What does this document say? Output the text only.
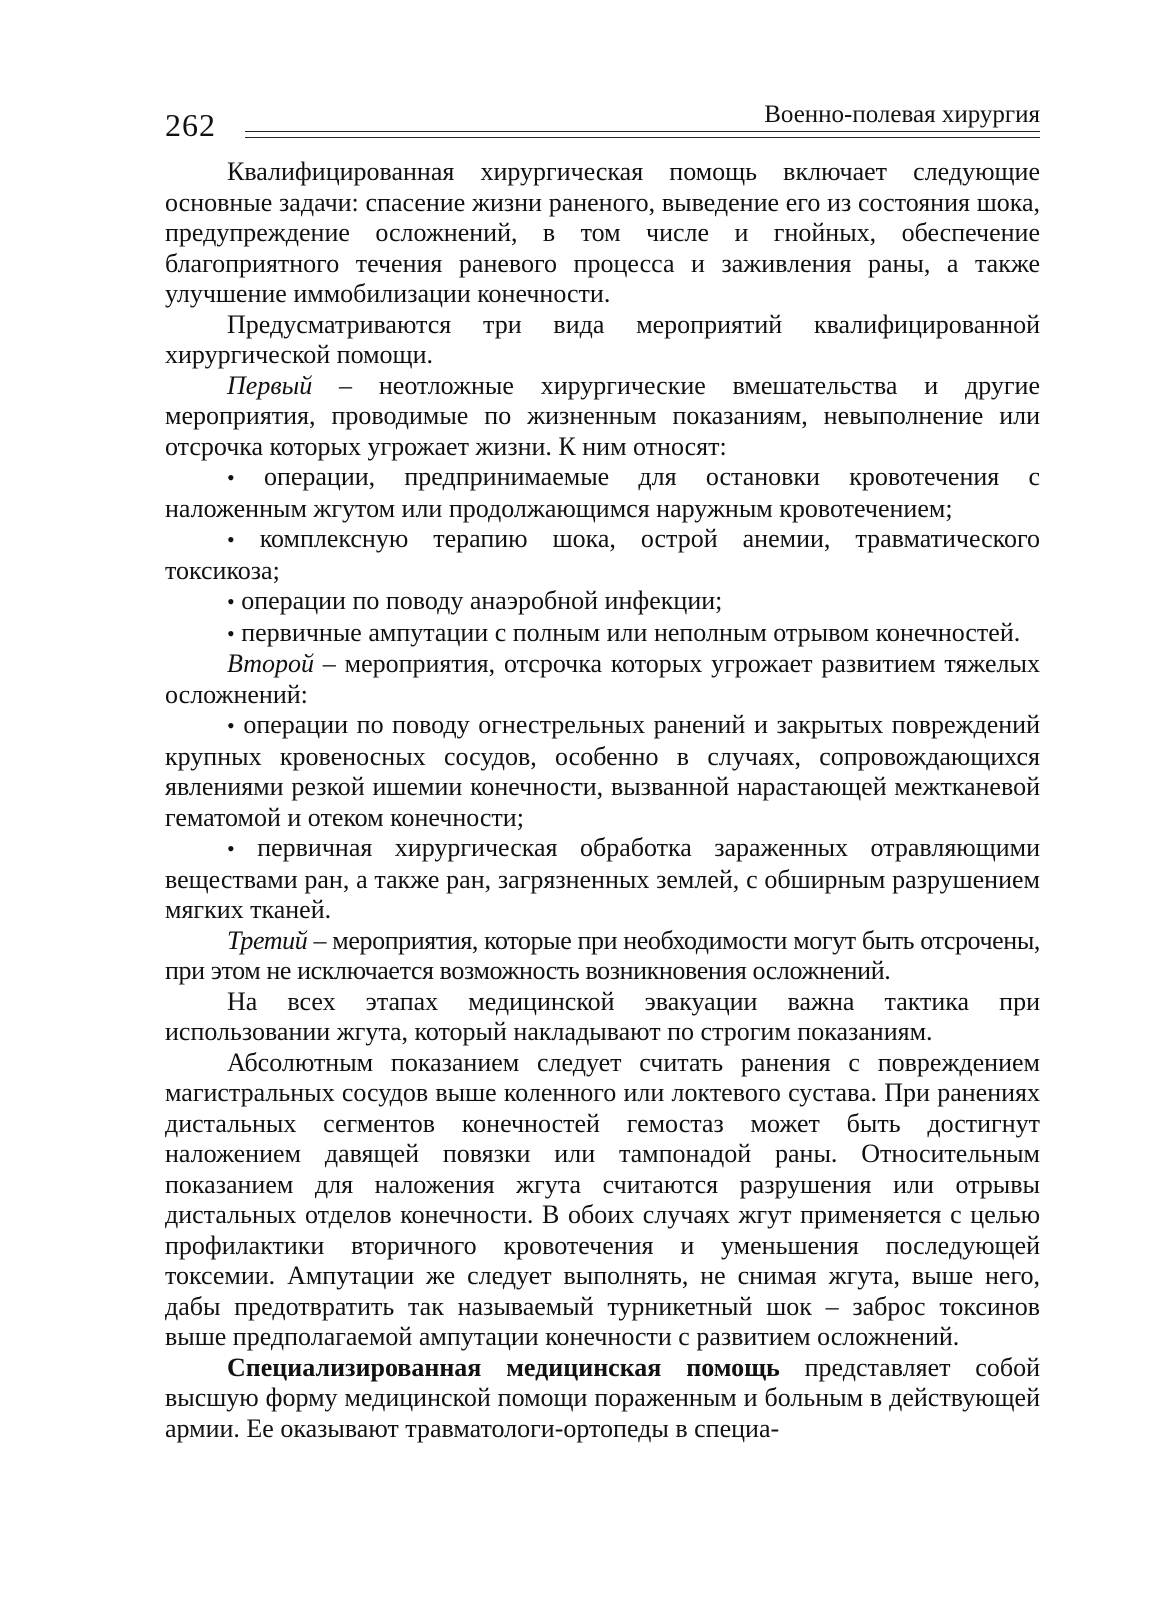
262	Военно-полевая хирургия

Квалифицированная хирургическая помощь включает следующие основные задачи: спасение жизни раненого, выведение его из состояния шока, предупреждение осложнений, в том числе и гнойных, обеспечение благоприятного течения раневого процесса и заживления раны, а также улучшение иммобилизации конечности.

Предусматриваются три вида мероприятий квалифицированной хирургической помощи.

Первый – неотложные хирургические вмешательства и другие мероприятия, проводимые по жизненным показаниям, невыполнение или отсрочка которых угрожает жизни. К ним относят:

• операции, предпринимаемые для остановки кровотечения с наложенным жгутом или продолжающимся наружным кровотечением;

• комплексную терапию шока, острой анемии, травматического токсикоза;

• операции по поводу анаэробной инфекции;

• первичные ампутации с полным или неполным отрывом конечностей.

Второй – мероприятия, отсрочка которых угрожает развитием тяжелых осложнений:

• операции по поводу огнестрельных ранений и закрытых повреждений крупных кровеносных сосудов, особенно в случаях, сопровождающихся явлениями резкой ишемии конечности, вызванной нарастающей межтканевой гематомой и отеком конечности;

• первичная хирургическая обработка зараженных отравляющими веществами ран, а также ран, загрязненных землей, с обширным разрушением мягких тканей.

Третий – мероприятия, которые при необходимости могут быть отсрочены, при этом не исключается возможность возникновения осложнений.

На всех этапах медицинской эвакуации важна тактика при использовании жгута, который накладывают по строгим показаниям.

Абсолютным показанием следует считать ранения с повреждением магистральных сосудов выше коленного или локтевого сустава. При ранениях дистальных сегментов конечностей гемостаз может быть достигнут наложением давящей повязки или тампонадой раны. Относительным показанием для наложения жгута считаются разрушения или отрывы дистальных отделов конечности. В обоих случаях жгут применяется с целью профилактики вторичного кровотечения и уменьшения последующей токсемии. Ампутации же следует выполнять, не снимая жгута, выше него, дабы предотвратить так называемый турникетный шок – заброс токсинов выше предполагаемой ампутации конечности с развитием осложнений.

Специализированная медицинская помощь представляет собой высшую форму медицинской помощи пораженным и больным в действующей армии. Ее оказывают травматологи-ортопеды в специа-
